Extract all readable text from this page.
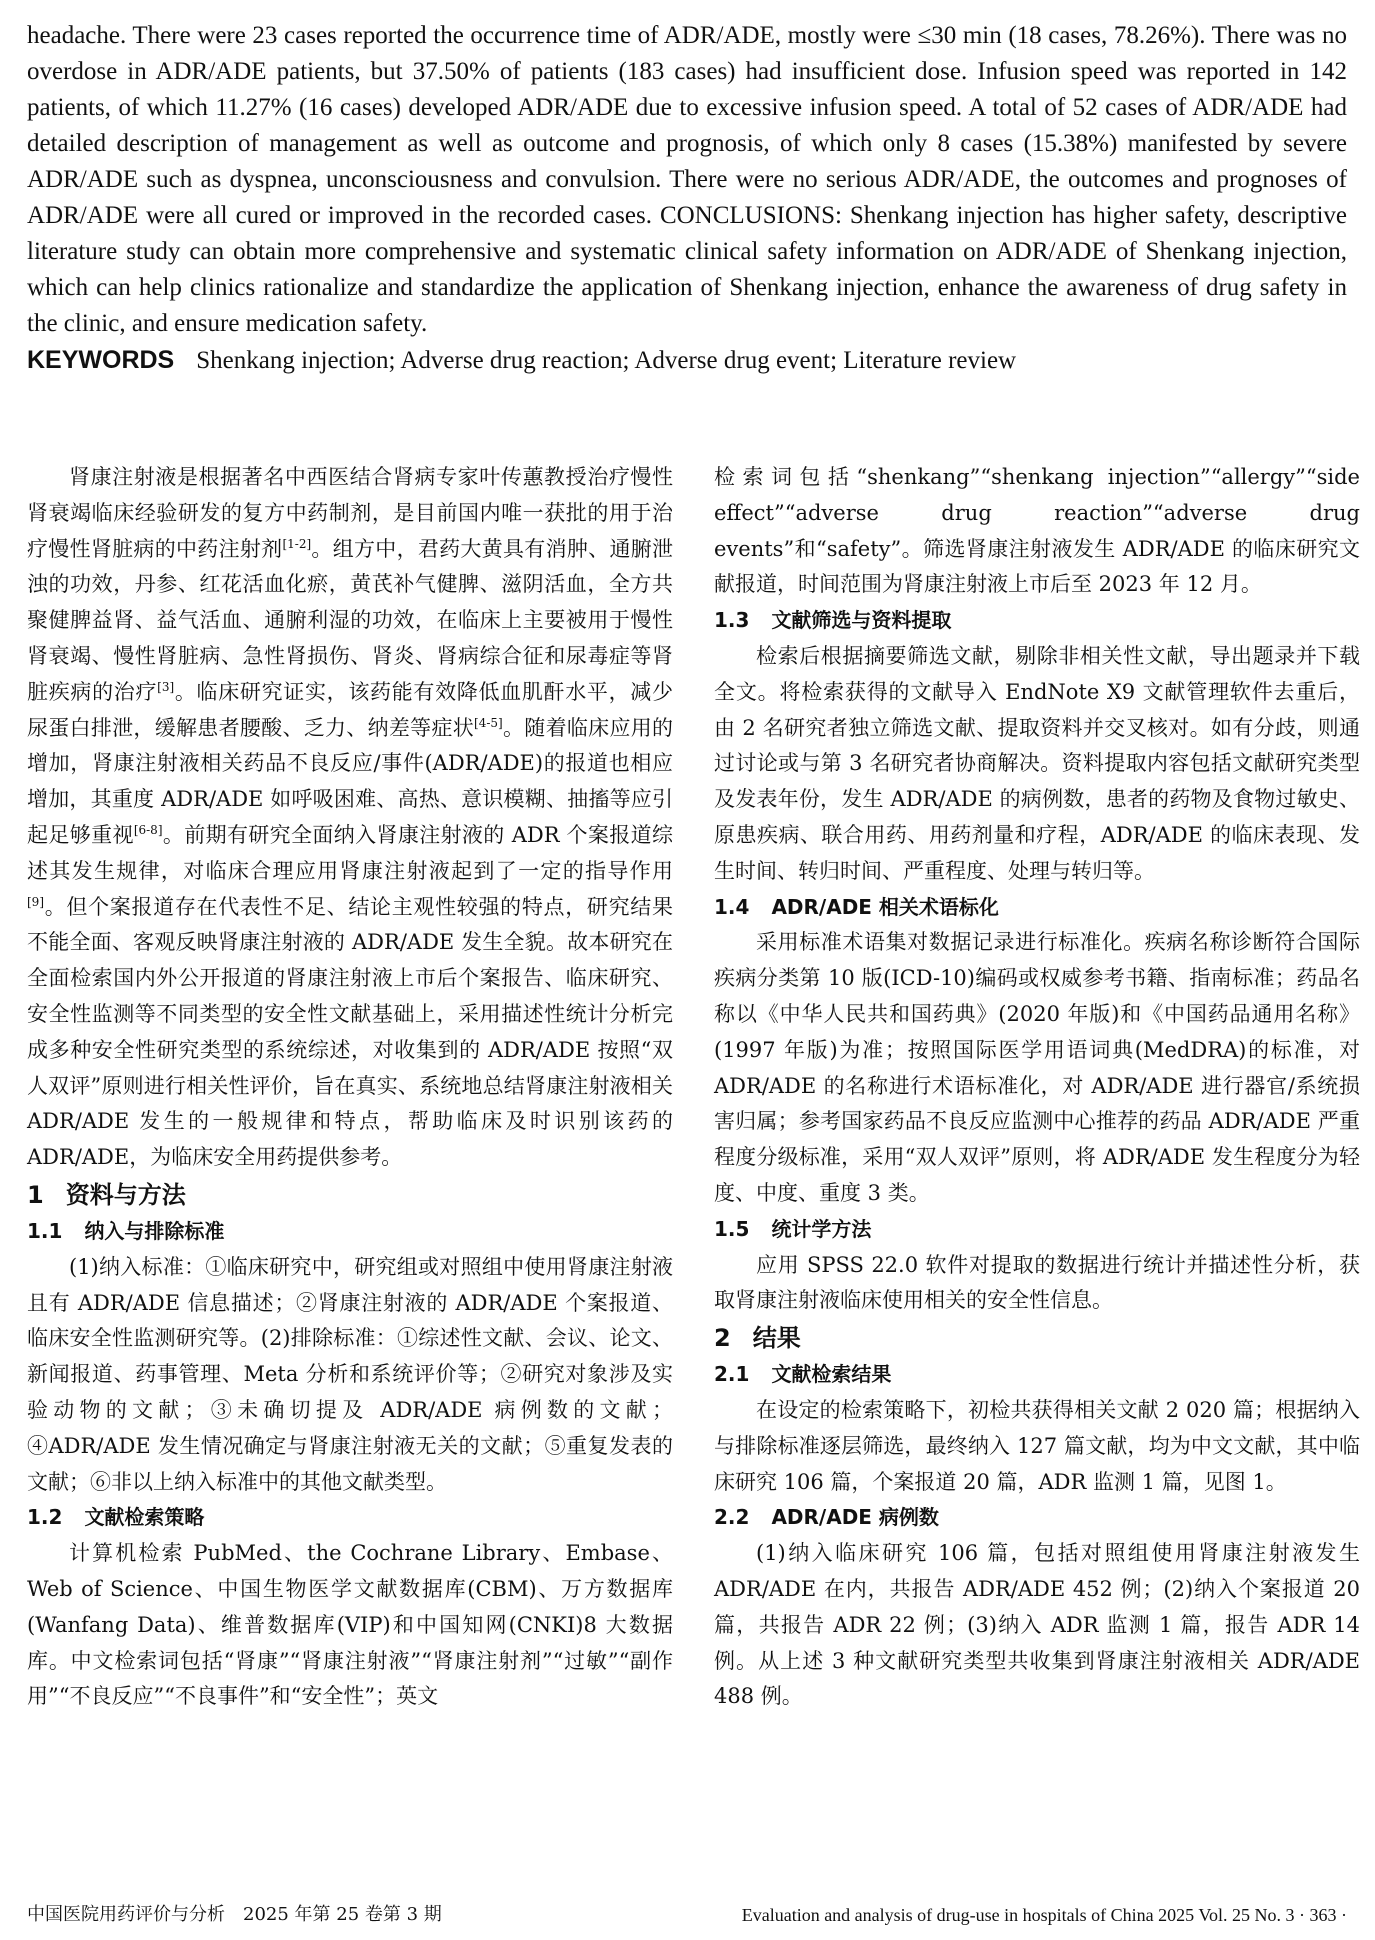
headache. There were 23 cases reported the occurrence time of ADR/ADE, mostly were ≤30 min (18 cases, 78.26%). There was no overdose in ADR/ADE patients, but 37.50% of patients (183 cases) had insufficient dose. Infusion speed was reported in 142 patients, of which 11.27% (16 cases) developed ADR/ADE due to excessive infusion speed. A total of 52 cases of ADR/ADE had detailed description of management as well as outcome and prognosis, of which only 8 cases (15.38%) manifested by severe ADR/ADE such as dyspnea, unconsciousness and convulsion. There were no serious ADR/ADE, the outcomes and prognoses of ADR/ADE were all cured or improved in the recorded cases. CONCLUSIONS: Shenkang injection has higher safety, descriptive literature study can obtain more comprehensive and systematic clinical safety information on ADR/ADE of Shenkang injection, which can help clinics rationalize and standardize the application of Shenkang injection, enhance the awareness of drug safety in the clinic, and ensure medication safety.

KEYWORDS Shenkang injection; Adverse drug reaction; Adverse drug event; Literature review

肾康注射液是根据著名中西医结合肾病专家叶传蕙教授治疗慢性肾衰竭临床经验研发的复方中药制剂，是目前国内唯一获批的用于治疗慢性肾脏病的中药注射剂[1-2]。组方中，君药大黄具有消肿、通腑泄浊的功效，丹参、红花活血化瘀，黄芪补气健脾、滋阴活血，全方共聚健脾益肾、益气活血、通腑利湿的功效，在临床上主要被用于慢性肾衰竭、慢性肾脏病、急性肾损伤、肾炎、肾病综合征和尿毒症等肾脏疾病的治疗[3]。临床研究证实，该药能有效降低血肌酐水平，减少尿蛋白排泄，缓解患者腰酸、乏力、纳差等症状[4-5]。随着临床应用的增加，肾康注射液相关药品不良反应/事件(ADR/ADE)的报道也相应增加，其重度 ADR/ADE 如呼吸困难、高热、意识模糊、抽搐等应引起足够重视[6-8]。前期有研究全面纳入肾康注射液的 ADR 个案报道综述其发生规律，对临床合理应用肾康注射液起到了一定的指导作用[9]。但个案报道存在代表性不足、结论主观性较强的特点，研究结果不能全面、客观反映肾康注射液的 ADR/ADE 发生全貌。故本研究在全面检索国内外公开报道的肾康注射液上市后个案报告、临床研究、安全性监测等不同类型的安全性文献基础上，采用描述性统计分析完成多种安全性研究类型的系统综述，对收集到的 ADR/ADE 按照“双人双评”原则进行相关性评价，旨在真实、系统地总结肾康注射液相关 ADR/ADE 发生的一般规律和特点，帮助临床及时识别该药的 ADR/ADE，为临床安全用药提供参考。

1 资料与方法
1.1 纳入与排除标准

(1)纳入标准：①临床研究中，研究组或对照组中使用肾康注射液且有 ADR/ADE 信息描述；②肾康注射液的 ADR/ADE 个案报道、临床安全性监测研究等。(2)排除标准：①综述性文献、会议、论文、新闻报道、药事管理、Meta 分析和系统评价等；②研究对象涉及实验动物的文献；③未确切提及 ADR/ADE 病例数的文献；④ADR/ADE 发生情况确定与肾康注射液无关的文献；⑤重复发表的文献；⑥非以上纳入标准中的其他文献类型。

1.2 文献检索策略

计算机检索 PubMed、the Cochrane Library、Embase、Web of Science、中国生物医学文献数据库(CBM)、万方数据库(Wanfang Data)、维普数据库(VIP)和中国知网(CNKI)8 大数据库。中文检索词包括“肾康”“肾康注射液”“肾康注射剂”“过敏”“副作用”“不良反应”“不良事件”和“安全性”；英文

检索词包括“shenkang”“shenkang injection”“allergy”“side effect”“adverse drug reaction”“adverse drug events”和“safety”。筛选肾康注射液发生 ADR/ADE 的临床研究文献报道，时间范围为肾康注射液上市后至 2023 年 12 月。

1.3 文献筛选与资料提取

检索后根据摘要筛选文献，剔除非相关性文献，导出题录并下载全文。将检索获得的文献导入 EndNote X9 文献管理软件去重后，由 2 名研究者独立筛选文献、提取资料并交叉核对。如有分歧，则通过讨论或与第 3 名研究者协商解决。资料提取内容包括文献研究类型及发表年份，发生 ADR/ADE 的病例数，患者的药物及食物过敏史、原患疾病、联合用药、用药剂量和疗程，ADR/ADE 的临床表现、发生时间、转归时间、严重程度、处理与转归等。

1.4 ADR/ADE 相关术语标化

采用标准术语集对数据记录进行标准化。疾病名称诊断符合国际疾病分类第 10 版(ICD-10)编码或权威参考书籍、指南标准；药品名称以《中华人民共和国药典》(2020 年版)和《中国药品通用名称》(1997 年版)为准；按照国际医学用语词典(MedDRA)的标准，对 ADR/ADE 的名称进行术语标准化，对 ADR/ADE 进行器官/系统损害归属；参考国家药品不良反应监测中心推荐的药品 ADR/ADE 严重程度分级标准，采用“双人双评”原则，将 ADR/ADE 发生程度分为轻度、中度、重度 3 类。

1.5 统计学方法

应用 SPSS 22.0 软件对提取的数据进行统计并描述性分析，获取肾康注射液临床使用相关的安全性信息。

2 结果
2.1 文献检索结果

在设定的检索策略下，初检共获得相关文献 2 020 篇；根据纳入与排除标准逐层筛选，最终纳入 127 篇文献，均为中文文献，其中临床研究 106 篇，个案报道 20 篇，ADR 监测 1 篇，见图 1。

2.2 ADR/ADE 病例数

(1)纳入临床研究 106 篇，包括对照组使用肾康注射液发生 ADR/ADE 在内，共报告 ADR/ADE 452 例；(2)纳入个案报道 20 篇，共报告 ADR 22 例；(3)纳入 ADR 监测 1 篇，报告 ADR 14 例。从上述 3 种文献研究类型共收集到肾康注射液相关 ADR/ADE 488 例。

中国医院用药评价与分析　2025 年第 25 卷第 3 期	Evaluation and analysis of drug-use in hospitals of China 2025 Vol. 25 No. 3 · 363 ·
